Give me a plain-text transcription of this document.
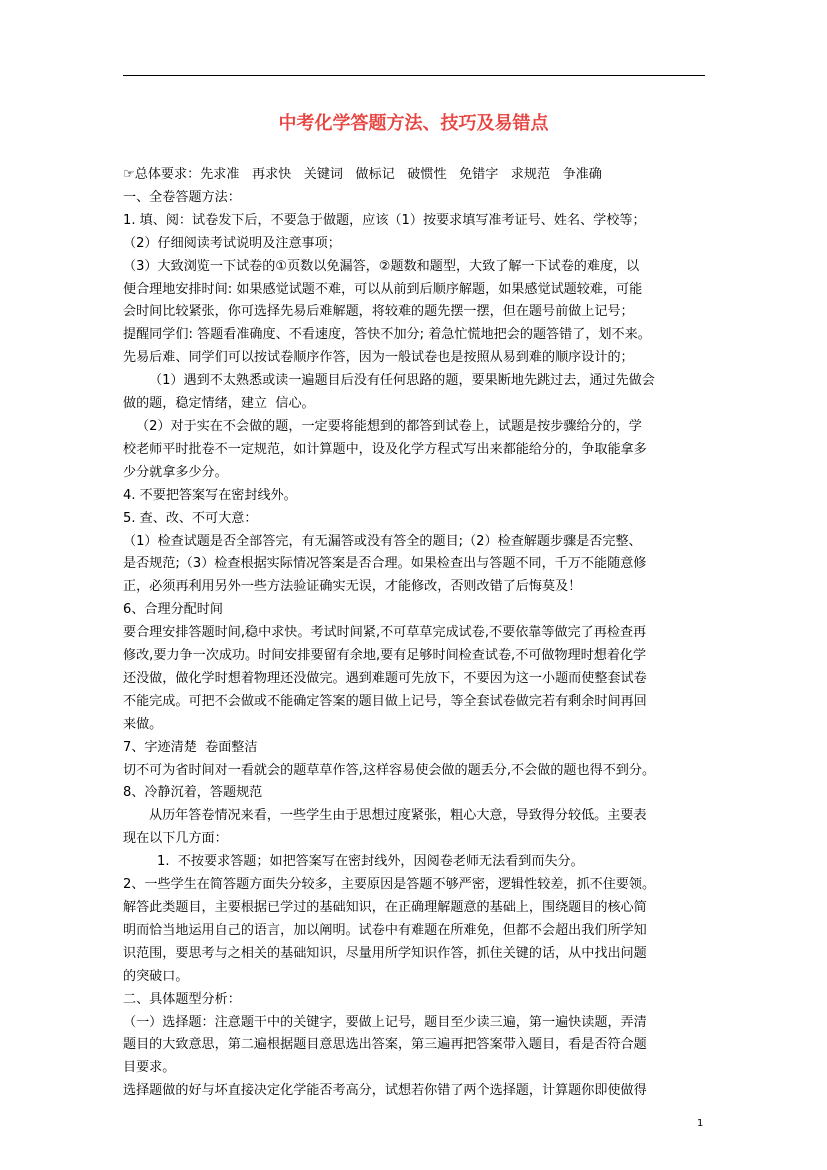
中考化学答题方法、技巧及易错点

☞总体要求：先求准   再求快   关键词   做标记   破惯性   免错字   求规范   争准确

一、全卷答题方法：

1. 填、阅：试卷发下后，不要急于做题，应该（1）按要求填写准考证号、姓名、学校等；

（2）仔细阅读考试说明及注意事项；

（3）大致浏览一下试卷的①页数以免漏答，②题数和题型，大致了解一下试卷的难度，以

便合理地安排时间: 如果感觉试题不难，可以从前到后顺序解题，如果感觉试题较难，可能

会时间比较紧张，你可选择先易后难解题，将较难的题先摆一摆，但在题号前做上记号；

提醒同学们: 答题看准确度、不看速度，答快不加分; 着急忙慌地把会的题答错了，划不来。

先易后难、同学们可以按试卷顺序作答，因为一般试卷也是按照从易到难的顺序设计的；

（1）遇到不太熟悉或读一遍题目后没有任何思路的题，要果断地先跳过去，通过先做会

做的题，稳定情绪，建立  信心。

（2）对于实在不会做的题，一定要将能想到的都答到试卷上，试题是按步骤给分的，学

校老师平时批卷不一定规范，如计算题中，设及化学方程式写出来都能给分的，争取能拿多

少分就拿多少分。

4. 不要把答案写在密封线外。

5. 查、改、不可大意：

（1）检查试题是否全部答完，有无漏答或没有答全的题目;（2）检查解题步骤是否完整、

是否规范;（3）检查根据实际情况答案是否合理。如果检查出与答题不同，千万不能随意修

正，必须再利用另外一些方法验证确实无误，才能修改，否则改错了后悔莫及！

6、合理分配时间

要合理安排答题时间,稳中求快。考试时间紧,不可草草完成试卷,不要依靠等做完了再检查再

修改,要力争一次成功。时间安排要留有余地,要有足够时间检查试卷,不可做物理时想着化学

还没做，做化学时想着物理还没做完。遇到难题可先放下，不要因为这一小题而使整套试卷

不能完成。可把不会做或不能确定答案的题目做上记号，等全套试卷做完若有剩余时间再回

来做。

7、字迹清楚  卷面整洁

切不可为省时间对一看就会的题草草作答,这样容易使会做的题丢分,不会做的题也得不到分。

8、冷静沉着，答题规范

从历年答卷情况来看，一些学生由于思想过度紧张，粗心大意，导致得分较低。主要表

现在以下几方面：

1.  不按要求答题；如把答案写在密封线外，因阅卷老师无法看到而失分。

2、一些学生在简答题方面失分较多，主要原因是答题不够严密，逻辑性较差，抓不住要领。

解答此类题目，主要根据已学过的基础知识，在正确理解题意的基础上，围绕题目的核心简

明而恰当地运用自己的语言，加以阐明。试卷中有难题在所难免，但都不会超出我们所学知

识范围，要思考与之相关的基础知识，尽量用所学知识作答，抓住关键的话，从中找出问题

的突破口。

二、具体题型分析：

（一）选择题：注意题干中的关键字，要做上记号，题目至少读三遍，第一遍快读题，弄清

题目的大致意思，第二遍根据题目意思选出答案，第三遍再把答案带入题目，看是否符合题

目要求。

选择题做的好与坏直接决定化学能否考高分，试想若你错了两个选择题，计算题你即使做得

1
